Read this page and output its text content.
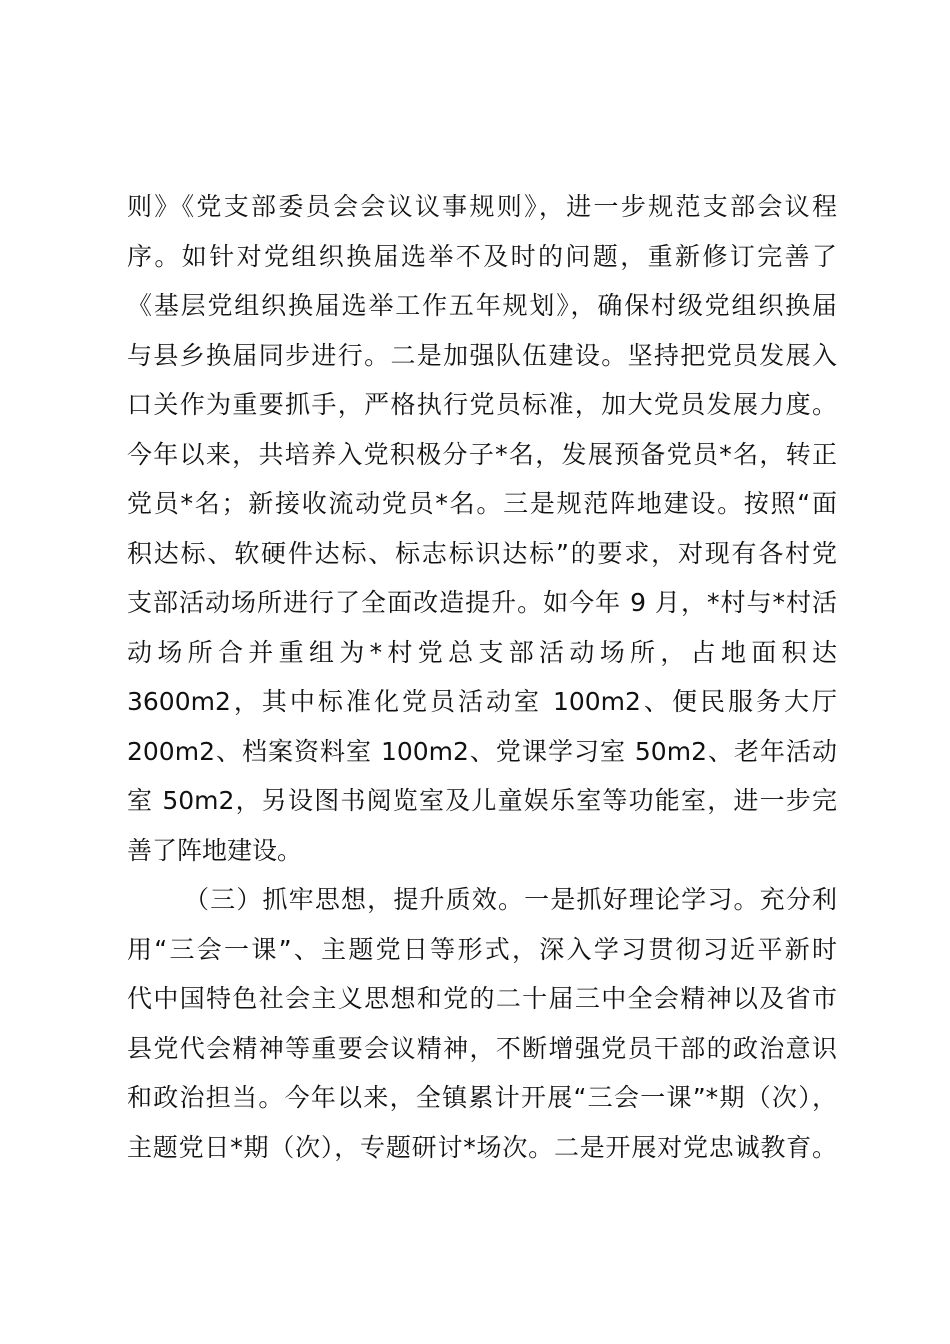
则》《党支部委员会会议议事规则》，进一步规范支部会议程
序。如针对党组织换届选举不及时的问题，重新修订完善了
《基层党组织换届选举工作五年规划》，确保村级党组织换届
与县乡换届同步进行。二是加强队伍建设。坚持把党员发展入
口关作为重要抓手，严格执行党员标准，加大党员发展力度。
今年以来，共培养入党积极分子*名，发展预备党员*名，转正
党员*名；新接收流动党员*名。三是规范阵地建设。按照“面
积达标、软硬件达标、标志标识达标”的要求，对现有各村党
支部活动场所进行了全面改造提升。如今年 9 月，*村与*村活
动场所合并重组为*村党总支部活动场所，占地面积达
3600m2，其中标准化党员活动室 100m2、便民服务大厅
200m2、档案资料室 100m2、党课学习室 50m2、老年活动
室 50m2，另设图书阅览室及儿童娱乐室等功能室，进一步完
善了阵地建设。
（三）抓牢思想，提升质效。一是抓好理论学习。充分利
用“三会一课”、主题党日等形式，深入学习贯彻习近平新时
代中国特色社会主义思想和党的二十届三中全会精神以及省市
县党代会精神等重要会议精神，不断增强党员干部的政治意识
和政治担当。今年以来，全镇累计开展“三会一课”*期（次），
主题党日*期（次），专题研讨*场次。二是开展对党忠诚教育。
